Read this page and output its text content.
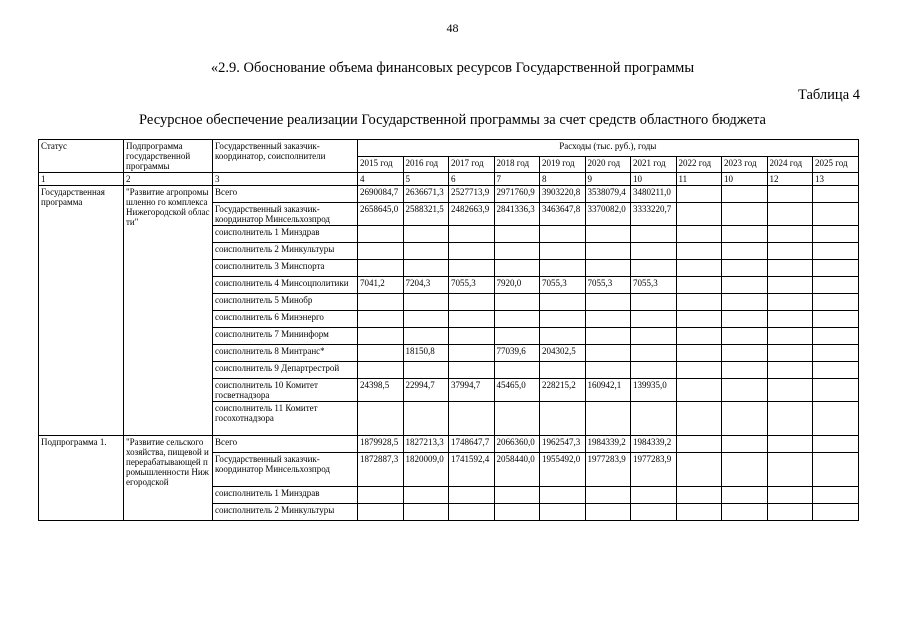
48
«2.9. Обоснование объема финансовых ресурсов Государственной программы
Таблица 4
Ресурсное обеспечение реализации Государственной программы за счет средств областного бюджета
Статус	Подпрограмма государственной программы	Государственный заказчик-координатор, соисполнители	Расходы (тыс. руб.), годы										
			2015 год	2016 год	2017 год	2018 год	2019 год	2020 год	2021 год	2022 год	2023 год	2024 год	2025 год
1	2	3	4	5	6	7	8	9	10	11	10	12	13
Государственная программа	"Развитие агропромышленно го комплекса Нижегородской области"	Всего	2690084,7	2636671,3	2527713,9	2971760,9	3903220,8	3538079,4	3480211,0				
		Государственный заказчик-координатор Минсельхозпрод	2658645,0	2588321,5	2482663,9	2841336,3	3463647,8	3370082,0	3333220,7				
		соисполнитель 1 Минздрав											
		соисполнитель 2 Минкультуры											
		соисполнитель 3 Минспорта											
		соисполнитель 4 Минсоцполитики	7041,2	7204,3	7055,3	7920,0	7055,3	7055,3	7055,3				
		соисполнитель 5 Минобр											
		соисполнитель 6 Минэнерго											
		соисполнитель 7 Мининформ											
		соисполнитель 8 Минтранс*		18150,8		77039,6	204302,5						
		соисполнитель 9 Департрестрой											
		соисполнитель 10 Комитет госветнадзора	24398,5	22994,7	37994,7	45465,0	228215,2	160942,1	139935,0				
		соисполнитель 11 Комитет госохотнадзора											
Подпрограмма 1.	"Развитие сельского хозяйства, пищевой и перерабатывающей промышленности Нижегородской	Всего	1879928,5	1827213,3	1748647,7	2066360,0	1962547,3	1984339,2	1984339,2				
		Государственный заказчик-координатор Минсельхозпрод	1872887,3	1820009,0	1741592,4	2058440,0	1955492,0	1977283,9	1977283,9				
		соисполнитель 1 Минздрав											
		соисполнитель 2 Минкультуры											
